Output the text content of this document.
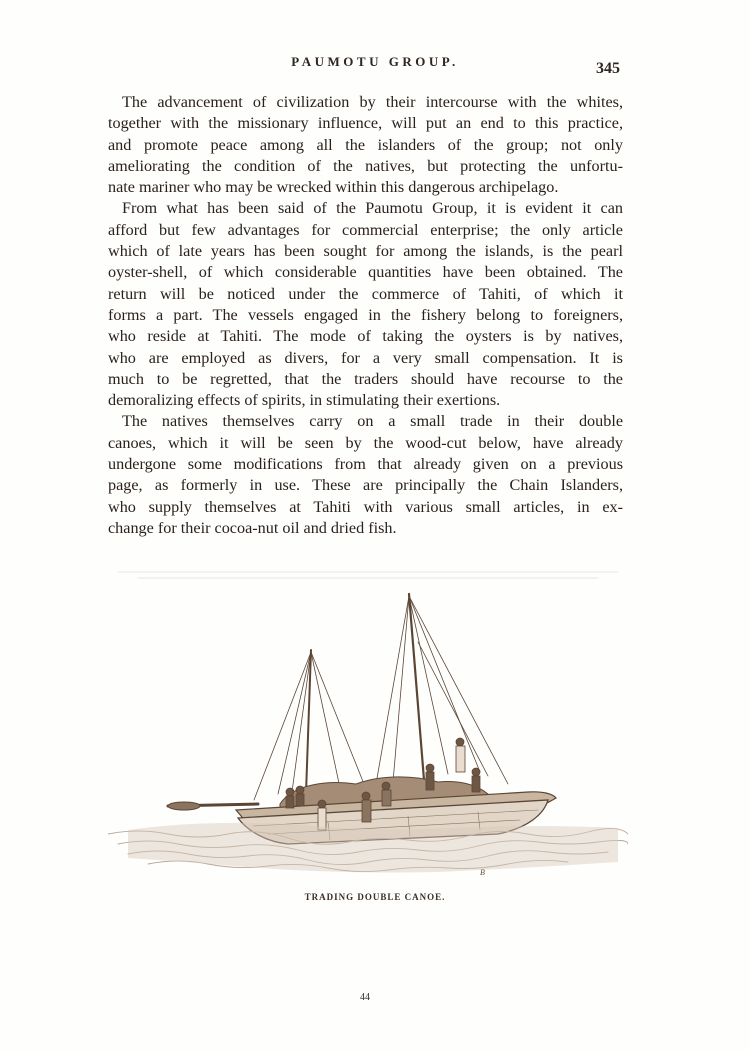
PAUMOTU GROUP.	345

The advancement of civilization by their intercourse with the whites,
together with the missionary influence, will put an end to this practice,
and promote peace among all the islanders of the group; not only
ameliorating the condition of the natives, but protecting the unfortu-
nate mariner who may be wrecked within this dangerous archipelago.

From what has been said of the Paumotu Group, it is evident it can
afford but few advantages for commercial enterprise; the only article
which of late years has been sought for among the islands, is the pearl
oyster-shell, of which considerable quantities have been obtained. The
return will be noticed under the commerce of Tahiti, of which it
forms a part. The vessels engaged in the fishery belong to foreigners,
who reside at Tahiti. The mode of taking the oysters is by natives,
who are employed as divers, for a very small compensation. It is
much to be regretted, that the traders should have recourse to the
demoralizing effects of spirits, in stimulating their exertions.

The natives themselves carry on a small trade in their double
canoes, which it will be seen by the wood-cut below, have already
undergone some modifications from that already given on a previous
page, as formerly in use. These are principally the Chain Islanders,
who supply themselves at Tahiti with various small articles, in ex-
change for their cocoa-nut oil and dried fish.

B
TRADING DOUBLE CANOE.
44
